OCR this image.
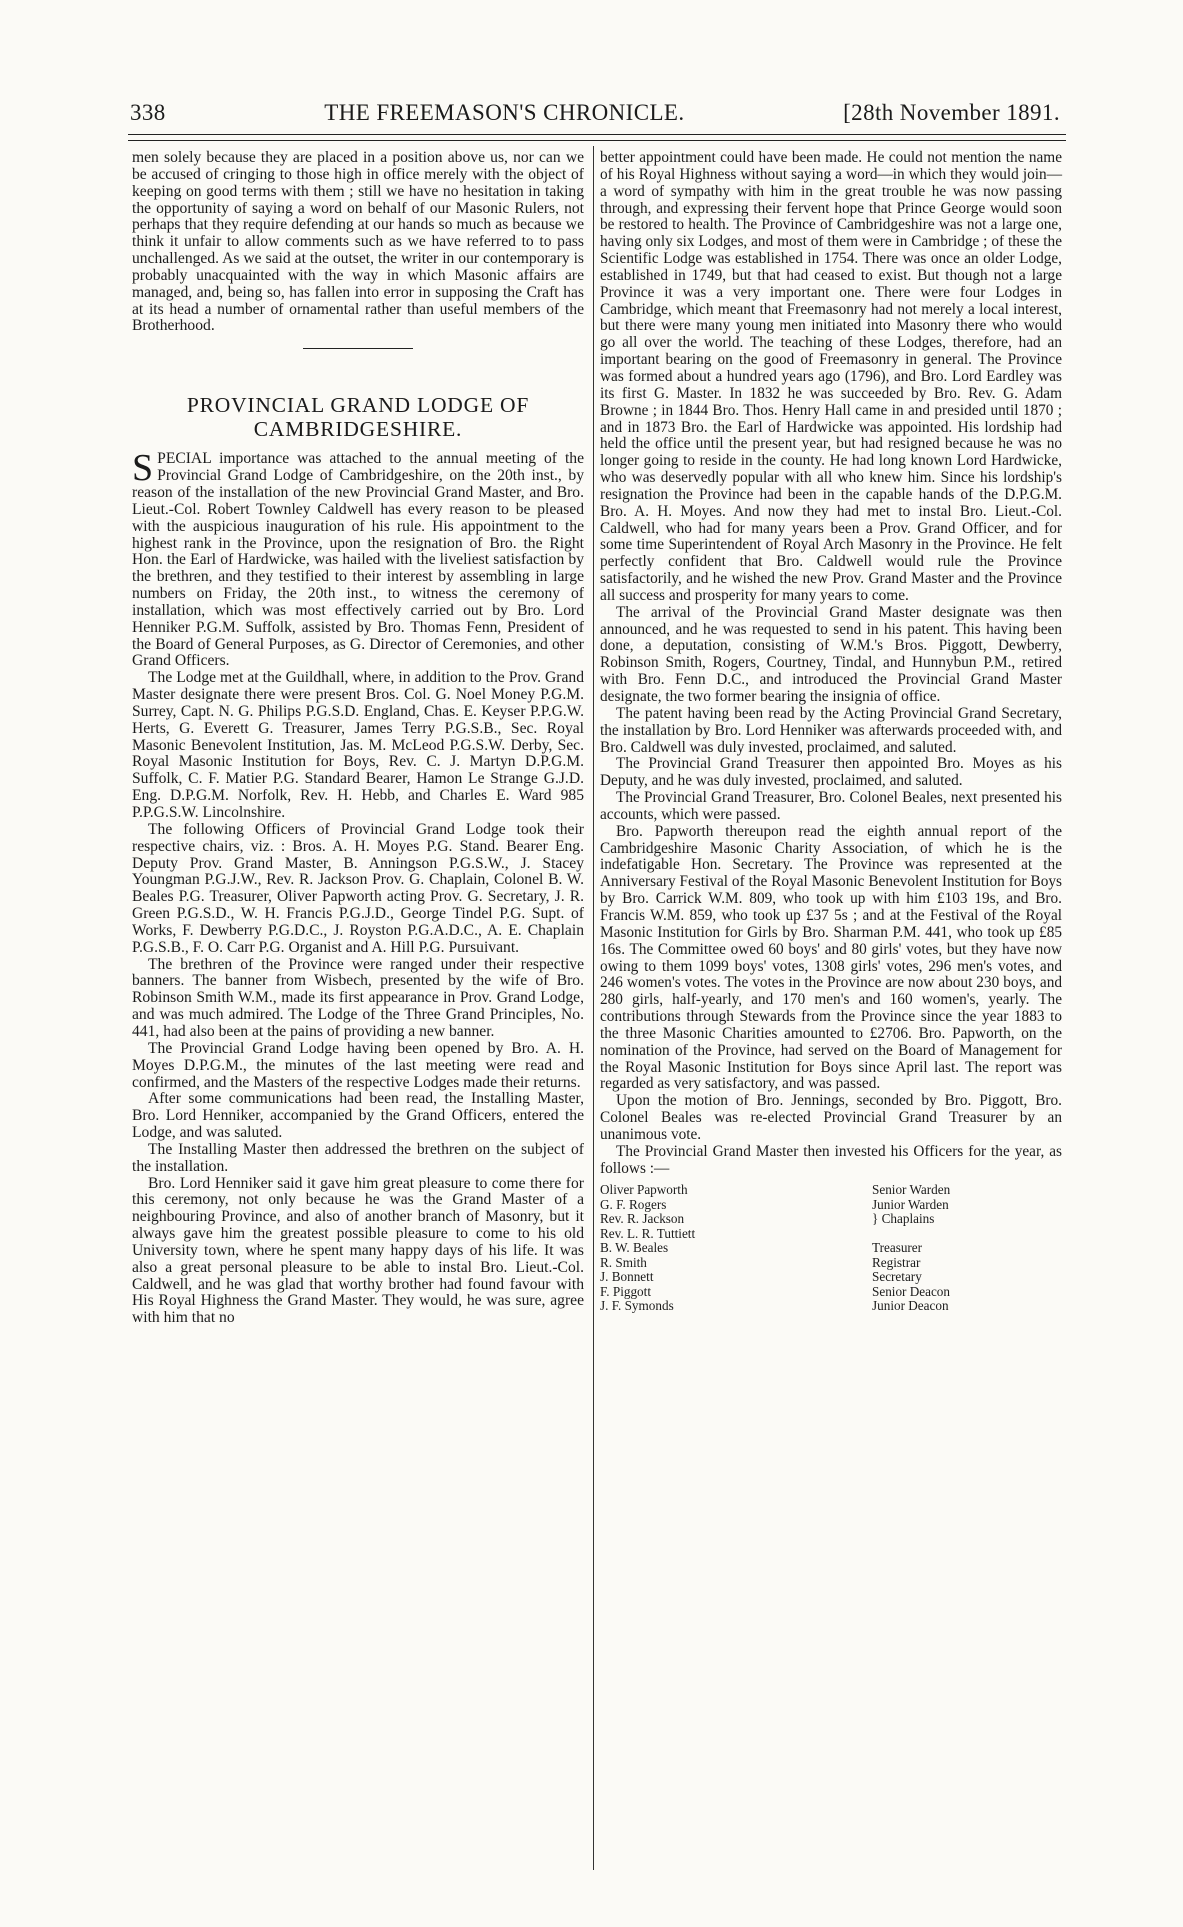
338	THE FREEMASON'S CHRONICLE.	[28th November 1891.

men solely because they are placed in a position above us, nor can we be accused of cringing to those high in office merely with the object of keeping on good terms with them ; still we have no hesitation in taking the opportunity of saying a word on behalf of our Masonic Rulers, not perhaps that they require defending at our hands so much as because we think it unfair to allow comments such as we have referred to to pass unchallenged. As we said at the outset, the writer in our contemporary is probably unacquainted with the way in which Masonic affairs are managed, and, being so, has fallen into error in supposing the Craft has at its head a number of ornamental rather than useful members of the Brotherhood.

PROVINCIAL GRAND LODGE OF
CAMBRIDGESHIRE.

SPECIAL importance was attached to the annual meeting of the Provincial Grand Lodge of Cambridgeshire, on the 20th inst., by reason of the installation of the new Provincial Grand Master, and Bro. Lieut.-Col. Robert Townley Caldwell has every reason to be pleased with the auspicious inauguration of his rule. His appointment to the highest rank in the Province, upon the resignation of Bro. the Right Hon. the Earl of Hardwicke, was hailed with the liveliest satisfaction by the brethren, and they testified to their interest by assembling in large numbers on Friday, the 20th inst., to witness the ceremony of installation, which was most effectively carried out by Bro. Lord Henniker P.G.M. Suffolk, assisted by Bro. Thomas Fenn, President of the Board of General Purposes, as G. Director of Ceremonies, and other Grand Officers.

The Lodge met at the Guildhall, where, in addition to the Prov. Grand Master designate there were present Bros. Col. G. Noel Money P.G.M. Surrey, Capt. N. G. Philips P.G.S.D. England, Chas. E. Keyser P.P.G.W. Herts, G. Everett G. Treasurer, James Terry P.G.S.B., Sec. Royal Masonic Benevolent Institution, Jas. M. McLeod P.G.S.W. Derby, Sec. Royal Masonic Institution for Boys, Rev. C. J. Martyn D.P.G.M. Suffolk, C. F. Matier P.G. Standard Bearer, Hamon Le Strange G.J.D. Eng. D.P.G.M. Norfolk, Rev. H. Hebb, and Charles E. Ward 985 P.P.G.S.W. Lincolnshire.

The following Officers of Provincial Grand Lodge took their respective chairs, viz. : Bros. A. H. Moyes P.G. Stand. Bearer Eng. Deputy Prov. Grand Master, B. Anningson P.G.S.W., J. Stacey Youngman P.G.J.W., Rev. R. Jackson Prov. G. Chaplain, Colonel B. W. Beales P.G. Treasurer, Oliver Papworth acting Prov. G. Secretary, J. R. Green P.G.S.D., W. H. Francis P.G.J.D., George Tindel P.G. Supt. of Works, F. Dewberry P.G.D.C., J. Royston P.G.A.D.C., A. E. Chaplain P.G.S.B., F. O. Carr P.G. Organist and A. Hill P.G. Pursuivant.

The brethren of the Province were ranged under their respective banners. The banner from Wisbech, presented by the wife of Bro. Robinson Smith W.M., made its first appearance in Prov. Grand Lodge, and was much admired. The Lodge of the Three Grand Principles, No. 441, had also been at the pains of providing a new banner.

The Provincial Grand Lodge having been opened by Bro. A. H. Moyes D.P.G.M., the minutes of the last meeting were read and confirmed, and the Masters of the respective Lodges made their returns.

After some communications had been read, the Installing Master, Bro. Lord Henniker, accompanied by the Grand Officers, entered the Lodge, and was saluted.

The Installing Master then addressed the brethren on the subject of the installation.

Bro. Lord Henniker said it gave him great pleasure to come there for this ceremony, not only because he was the Grand Master of a neighbouring Province, and also of another branch of Masonry, but it always gave him the greatest possible pleasure to come to his old University town, where he spent many happy days of his life. It was also a great personal pleasure to be able to instal Bro. Lieut.-Col. Caldwell, and he was glad that worthy brother had found favour with His Royal Highness the Grand Master. They would, he was sure, agree with him that no

better appointment could have been made. He could not mention the name of his Royal Highness without saying a word—in which they would join—a word of sympathy with him in the great trouble he was now passing through, and expressing their fervent hope that Prince George would soon be restored to health. The Province of Cambridgeshire was not a large one, having only six Lodges, and most of them were in Cambridge ; of these the Scientific Lodge was established in 1754. There was once an older Lodge, established in 1749, but that had ceased to exist. But though not a large Province it was a very important one. There were four Lodges in Cambridge, which meant that Freemasonry had not merely a local interest, but there were many young men initiated into Masonry there who would go all over the world. The teaching of these Lodges, therefore, had an important bearing on the good of Freemasonry in general. The Province was formed about a hundred years ago (1796), and Bro. Lord Eardley was its first G. Master. In 1832 he was succeeded by Bro. Rev. G. Adam Browne ; in 1844 Bro. Thos. Henry Hall came in and presided until 1870 ; and in 1873 Bro. the Earl of Hardwicke was appointed. His lordship had held the office until the present year, but had resigned because he was no longer going to reside in the county. He had long known Lord Hardwicke, who was deservedly popular with all who knew him. Since his lordship's resignation the Province had been in the capable hands of the D.P.G.M. Bro. A. H. Moyes. And now they had met to instal Bro. Lieut.-Col. Caldwell, who had for many years been a Prov. Grand Officer, and for some time Superintendent of Royal Arch Masonry in the Province. He felt perfectly confident that Bro. Caldwell would rule the Province satisfactorily, and he wished the new Prov. Grand Master and the Province all success and prosperity for many years to come.

The arrival of the Provincial Grand Master designate was then announced, and he was requested to send in his patent. This having been done, a deputation, consisting of W.M.'s Bros. Piggott, Dewberry, Robinson Smith, Rogers, Courtney, Tindal, and Hunnybun P.M., retired with Bro. Fenn D.C., and introduced the Provincial Grand Master designate, the two former bearing the insignia of office.

The patent having been read by the Acting Provincial Grand Secretary, the installation by Bro. Lord Henniker was afterwards proceeded with, and Bro. Caldwell was duly invested, proclaimed, and saluted.

The Provincial Grand Treasurer then appointed Bro. Moyes as his Deputy, and he was duly invested, proclaimed, and saluted.

The Provincial Grand Treasurer, Bro. Colonel Beales, next presented his accounts, which were passed.

Bro. Papworth thereupon read the eighth annual report of the Cambridgeshire Masonic Charity Association, of which he is the indefatigable Hon. Secretary. The Province was represented at the Anniversary Festival of the Royal Masonic Benevolent Institution for Boys by Bro. Carrick W.M. 809, who took up with him £103 19s, and Bro. Francis W.M. 859, who took up £37 5s ; and at the Festival of the Royal Masonic Institution for Girls by Bro. Sharman P.M. 441, who took up £85 16s. The Committee owed 60 boys' and 80 girls' votes, but they have now owing to them 1099 boys' votes, 1308 girls' votes, 296 men's votes, and 246 women's votes. The votes in the Province are now about 230 boys, and 280 girls, half-yearly, and 170 men's and 160 women's, yearly. The contributions through Stewards from the Province since the year 1883 to the three Masonic Charities amounted to £2706. Bro. Papworth, on the nomination of the Province, had served on the Board of Management for the Royal Masonic Institution for Boys since April last. The report was regarded as very satisfactory, and was passed.

Upon the motion of Bro. Jennings, seconded by Bro. Piggott, Bro. Colonel Beales was re-elected Provincial Grand Treasurer by an unanimous vote.

The Provincial Grand Master then invested his Officers for the year, as follows :—

Oliver Papworth	Senior Warden
G. F. Rogers	Junior Warden
Rev. R. Jackson	} Chaplains
Rev. L. R. Tuttiett
B. W. Beales	Treasurer
R. Smith	Registrar
J. Bonnett	Secretary
F. Piggott	Senior Deacon
J. F. Symonds	Junior Deacon
